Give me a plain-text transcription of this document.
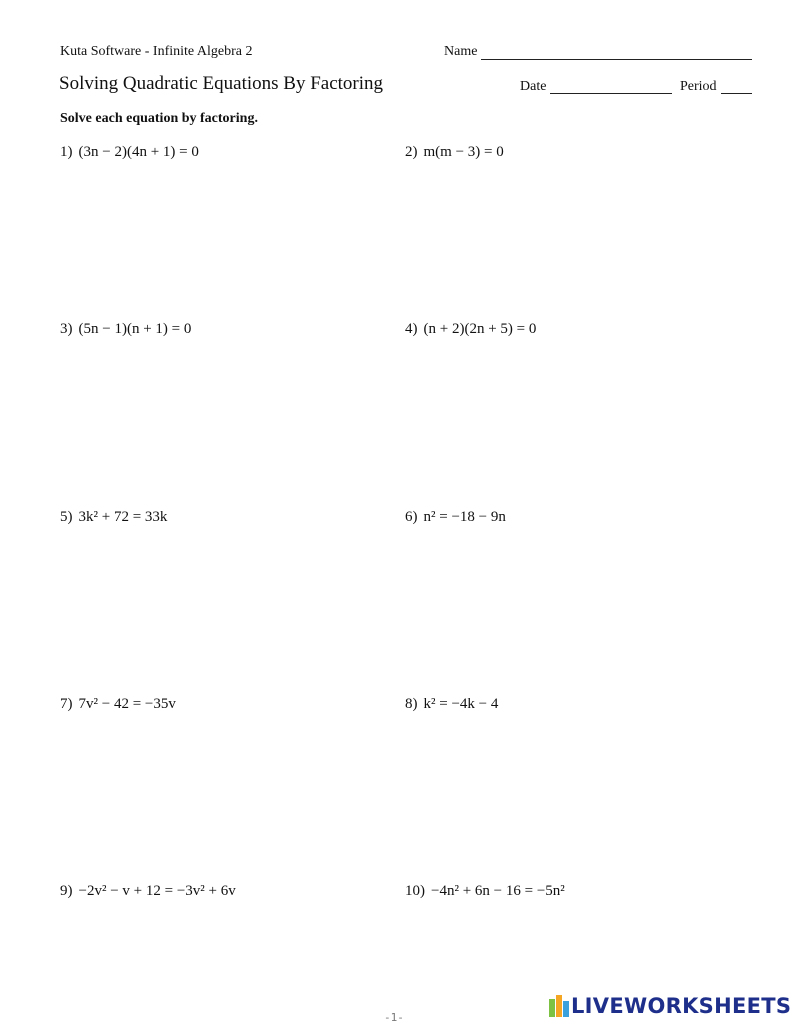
Kuta Software - Infinite Algebra 2	Name
Solving Quadratic Equations By Factoring	Date	Period
Solve each equation by factoring.
1) (3n − 2)(4n + 1) = 0	2) m(m − 3) = 0
3) (5n − 1)(n + 1) = 0	4) (n + 2)(2n + 5) = 0
5) 3k² + 72 = 33k	6) n² = −18 − 9n
7) 7v² − 42 = −35v	8) k² = −4k − 4
9) −2v² − v + 12 = −3v² + 6v	10) −4n² + 6n − 16 = −5n²
-1-	LIVEWORKSHEETS
